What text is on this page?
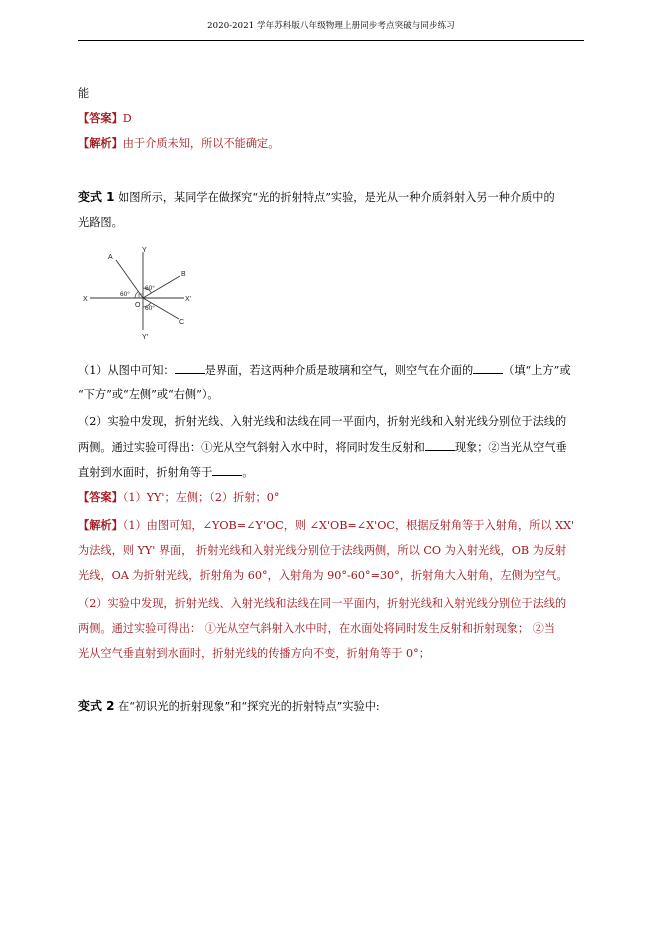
2020-2021 学年苏科版八年级物理上册同步考点突破与同步练习
能
【答案】D
【解析】由于介质未知，所以不能确定。
变式 1 如图所示，某同学在做探究“光的折射特点”实验，是光从一种介质斜射入另一种介质中的
光路图。
A
Y
B
X	X'
O
C
Y'
60°
60°
60°
（1）从图中可知：	是界面，若这两种介质是玻璃和空气，则空气在介面的	（填“上方”或
“下方”或“左侧”或“右侧”）。
（2）实验中发现，折射光线、入射光线和法线在同一平面内，折射光线和入射光线分别位于法线的
两侧。通过实验可得出：①光从空气斜射入水中时，将同时发生反射和	现象；②当光从空气垂
直射到水面时，折射角等于	。
【答案】（1）YY'；左侧；（2）折射；0°
【解析】（1）由图可知，∠YOB=∠Y'OC，则 ∠X'OB=∠X'OC，根据反射角等于入射角，所以 XX'
为法线，则 YY' 界面， 折射光线和入射光线分别位于法线两侧，所以 CO 为入射光线，OB 为反射
光线，OA 为折射光线，折射角为 60°，入射角为 90°-60°=30°，折射角大入射角，左侧为空气。
（2）实验中发现，折射光线、入射光线和法线在同一平面内，折射光线和入射光线分别位于法线的
两侧。通过实验可得出： ①光从空气斜射入水中时，在水面处将同时发生反射和折射现象； ②当
光从空气垂直射到水面时，折射光线的传播方向不变，折射角等于 0°；
变式 2 在“初识光的折射现象”和“探究光的折射特点”实验中:
